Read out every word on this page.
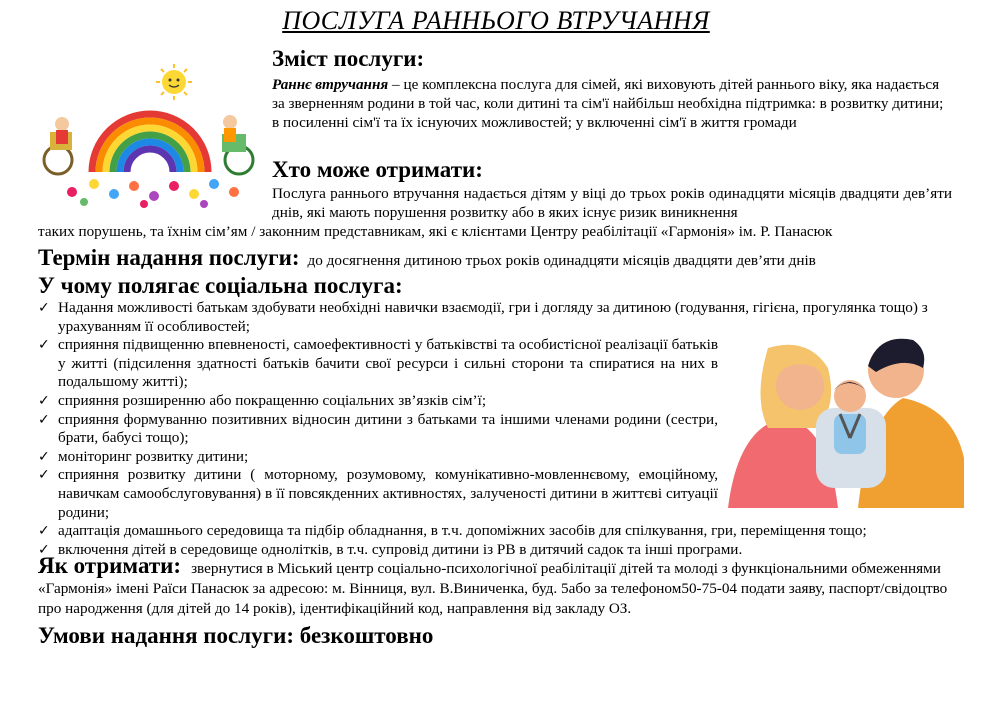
ПОСЛУГА РАННЬОГО ВТРУЧАННЯ
Зміст послуги:
Раннє втручання – це комплексна послуга для сімей, які виховують дітей раннього віку, яка надається за зверненням родини в той час, коли дитині та сім'ї найбільш необхідна підтримка: в розвитку дитини; в посиленні сім'ї та їх існуючих можливостей; у включенні сім'ї в життя громади
Хто може отримати:
Послуга раннього втручання надається дітям у віці до трьох років одинадцяти місяців двадцяти дев’яти днів, які мають порушення розвитку або в яких існує ризик виникнення
таких порушень, та їхнім сім’ям / законним представникам, які є клієнтами Центру реабілітації «Гармонія» ім. Р. Панасюк
Термін надання послуги: до досягнення дитиною трьох років одинадцяти місяців двадцяти дев’яти днів
У чому полягає соціальна послуга:
✓ Надання можливості батькам здобувати необхідні навички взаємодії, гри і догляду за дитиною (годування, гігієна, прогулянка тощо) з урахуванням її особливостей;
✓ сприяння підвищенню впевненості, самоефективності у батьківстві та особистісної реалізації батьків у житті (підсилення здатності батьків бачити свої ресурси і сильні сторони та спиратися на них в подальшому житті);
✓ сприяння розширенню або покращенню соціальних зв’язків сім’ї;
✓ сприяння формуванню позитивних відносин дитини з батьками та іншими членами родини (сестри, брати, бабусі тощо);
✓ моніторинг розвитку дитини;
✓ сприяння розвитку дитини ( моторному, розумовому, комунікативно-мовленнєвому, емоційному, навичкам самообслуговування) в її повсякденних активностях, залученості дитини в життєві ситуації родини;
✓ адаптація домашнього середовища та підбір обладнання, в т.ч. допоміжних засобів для спілкування, гри, переміщення тощо;
✓ включення дітей в середовище однолітків, в т.ч. супровід дитини із РВ в дитячий садок та інші програми.
Як отримати: звернутися в Міський центр соціально-психологічної реабілітації дітей та молоді з функціональними обмеженнями «Гармонія» імені Раїси Панасюк за адресою: м. Вінниця, вул. В.Виниченка, буд. 5або за телефоном50-75-04 подати заяву, паспорт/свідоцтво про народження (для дітей до 14 років), ідентифікаційний код, направлення від закладу ОЗ.
Умови надання послуги: безкоштовно
